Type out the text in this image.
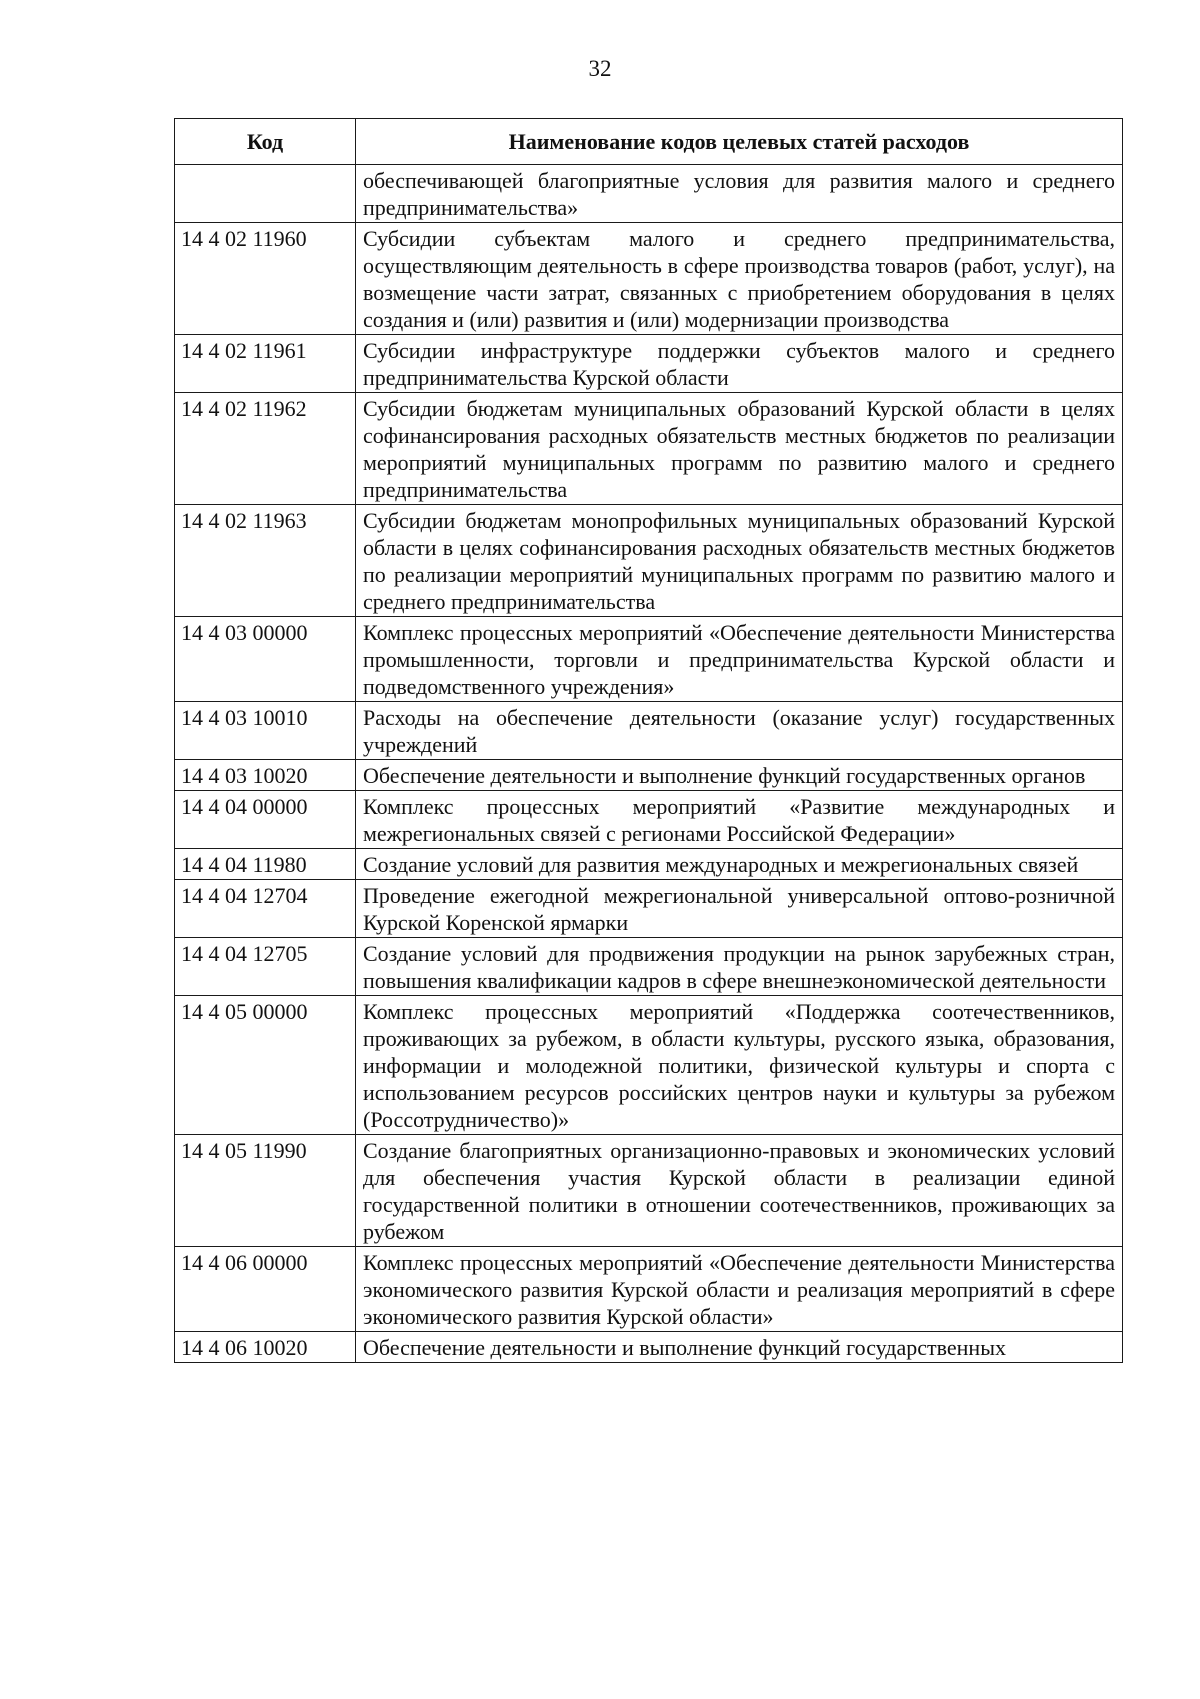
32
Код	Наименование кодов целевых статей расходов
	обеспечивающей благоприятные условия для развития малого и среднего предпринимательства»
14 4 02 11960	Субсидии субъектам малого и среднего предпринимательства, осуществляющим деятельность в сфере производства товаров (работ, услуг), на возмещение части затрат, связанных с приобретением оборудования в целях создания и (или) развития и (или) модернизации производства
14 4 02 11961	Субсидии инфраструктуре поддержки субъектов малого и среднего предпринимательства Курской области
14 4 02 11962	Субсидии бюджетам муниципальных образований Курской области в целях софинансирования расходных обязательств местных бюджетов по реализации мероприятий муниципальных программ по развитию малого и среднего предпринимательства
14 4 02 11963	Субсидии бюджетам монопрофильных муниципальных образований Курской области в целях софинансирования расходных обязательств местных бюджетов по реализации мероприятий муниципальных программ по развитию малого и среднего предпринимательства
14 4 03 00000	Комплекс процессных мероприятий «Обеспечение деятельности Министерства промышленности, торговли и предпринимательства Курской области и подведомственного учреждения»
14 4 03 10010	Расходы на обеспечение деятельности (оказание услуг) государственных учреждений
14 4 03 10020	Обеспечение деятельности и выполнение функций государственных органов
14 4 04 00000	Комплекс процессных мероприятий «Развитие международных и межрегиональных связей с регионами Российской Федерации»
14 4 04 11980	Создание условий для развития международных и межрегиональных связей
14 4 04 12704	Проведение ежегодной межрегиональной универсальной оптово-розничной Курской Коренской ярмарки
14 4 04 12705	Создание условий для продвижения продукции на рынок зарубежных стран, повышения квалификации кадров в сфере внешнеэкономической деятельности
14 4 05 00000	Комплекс процессных мероприятий «Поддержка соотечественников, проживающих за рубежом, в области культуры, русского языка, образования, информации и молодежной политики, физической культуры и спорта с использованием ресурсов российских центров науки и культуры за рубежом (Россотрудничество)»
14 4 05 11990	Создание благоприятных организационно-правовых и экономических условий для обеспечения участия Курской области в реализации единой государственной политики в отношении соотечественников, проживающих за рубежом
14 4 06 00000	Комплекс процессных мероприятий «Обеспечение деятельности Министерства экономического развития Курской области и реализация мероприятий в сфере экономического развития Курской области»
14 4 06 10020	Обеспечение деятельности и выполнение функций государственных
